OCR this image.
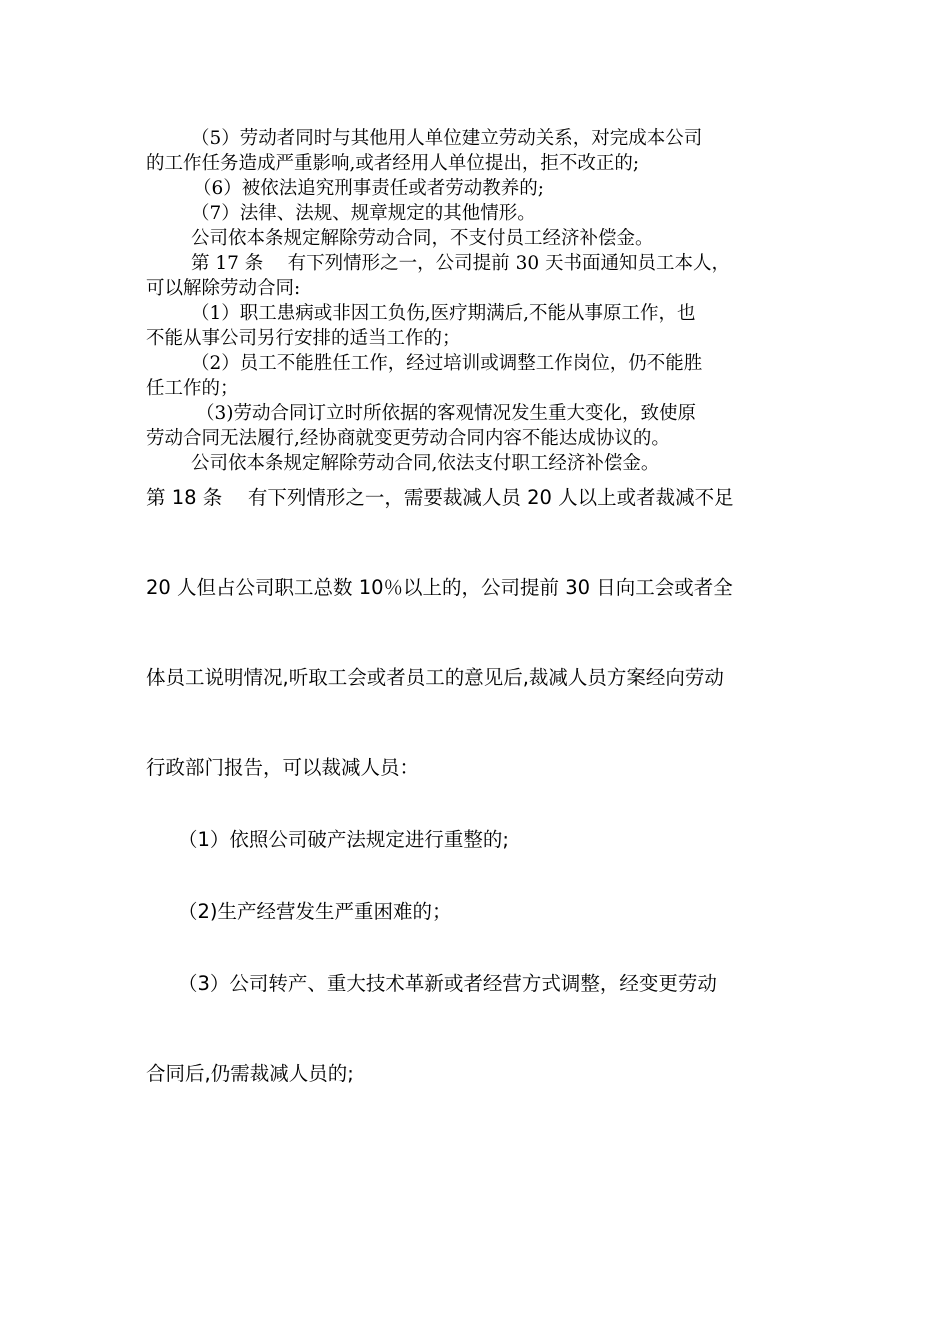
（5）劳动者同时与其他用人单位建立劳动关系，对完成本公司
的工作任务造成严重影响,或者经用人单位提出，拒不改正的;
（6）被依法追究刑事责任或者劳动教养的;
（7）法律、法规、规章规定的其他情形。
公司依本条规定解除劳动合同，不支付员工经济补偿金。
第 17 条　 有下列情形之一，公司提前 30 天书面通知员工本人，
可以解除劳动合同:
（1）职工患病或非因工负伤,医疗期满后,不能从事原工作，也
不能从事公司另行安排的适当工作的；
（2）员工不能胜任工作，经过培训或调整工作岗位，仍不能胜
任工作的；
（3)劳动合同订立时所依据的客观情况发生重大变化，致使原
劳动合同无法履行,经协商就变更劳动合同内容不能达成协议的。
公司依本条规定解除劳动合同,依法支付职工经济补偿金。
第 18 条　 有下列情形之一，需要裁减人员 20 人以上或者裁减不足
20 人但占公司职工总数 10％以上的，公司提前 30 日向工会或者全
体员工说明情况,听取工会或者员工的意见后,裁减人员方案经向劳动
行政部门报告，可以裁减人员：
（1）依照公司破产法规定进行重整的;
（2)生产经营发生严重困难的；
（3）公司转产、重大技术革新或者经营方式调整，经变更劳动
合同后,仍需裁减人员的;
